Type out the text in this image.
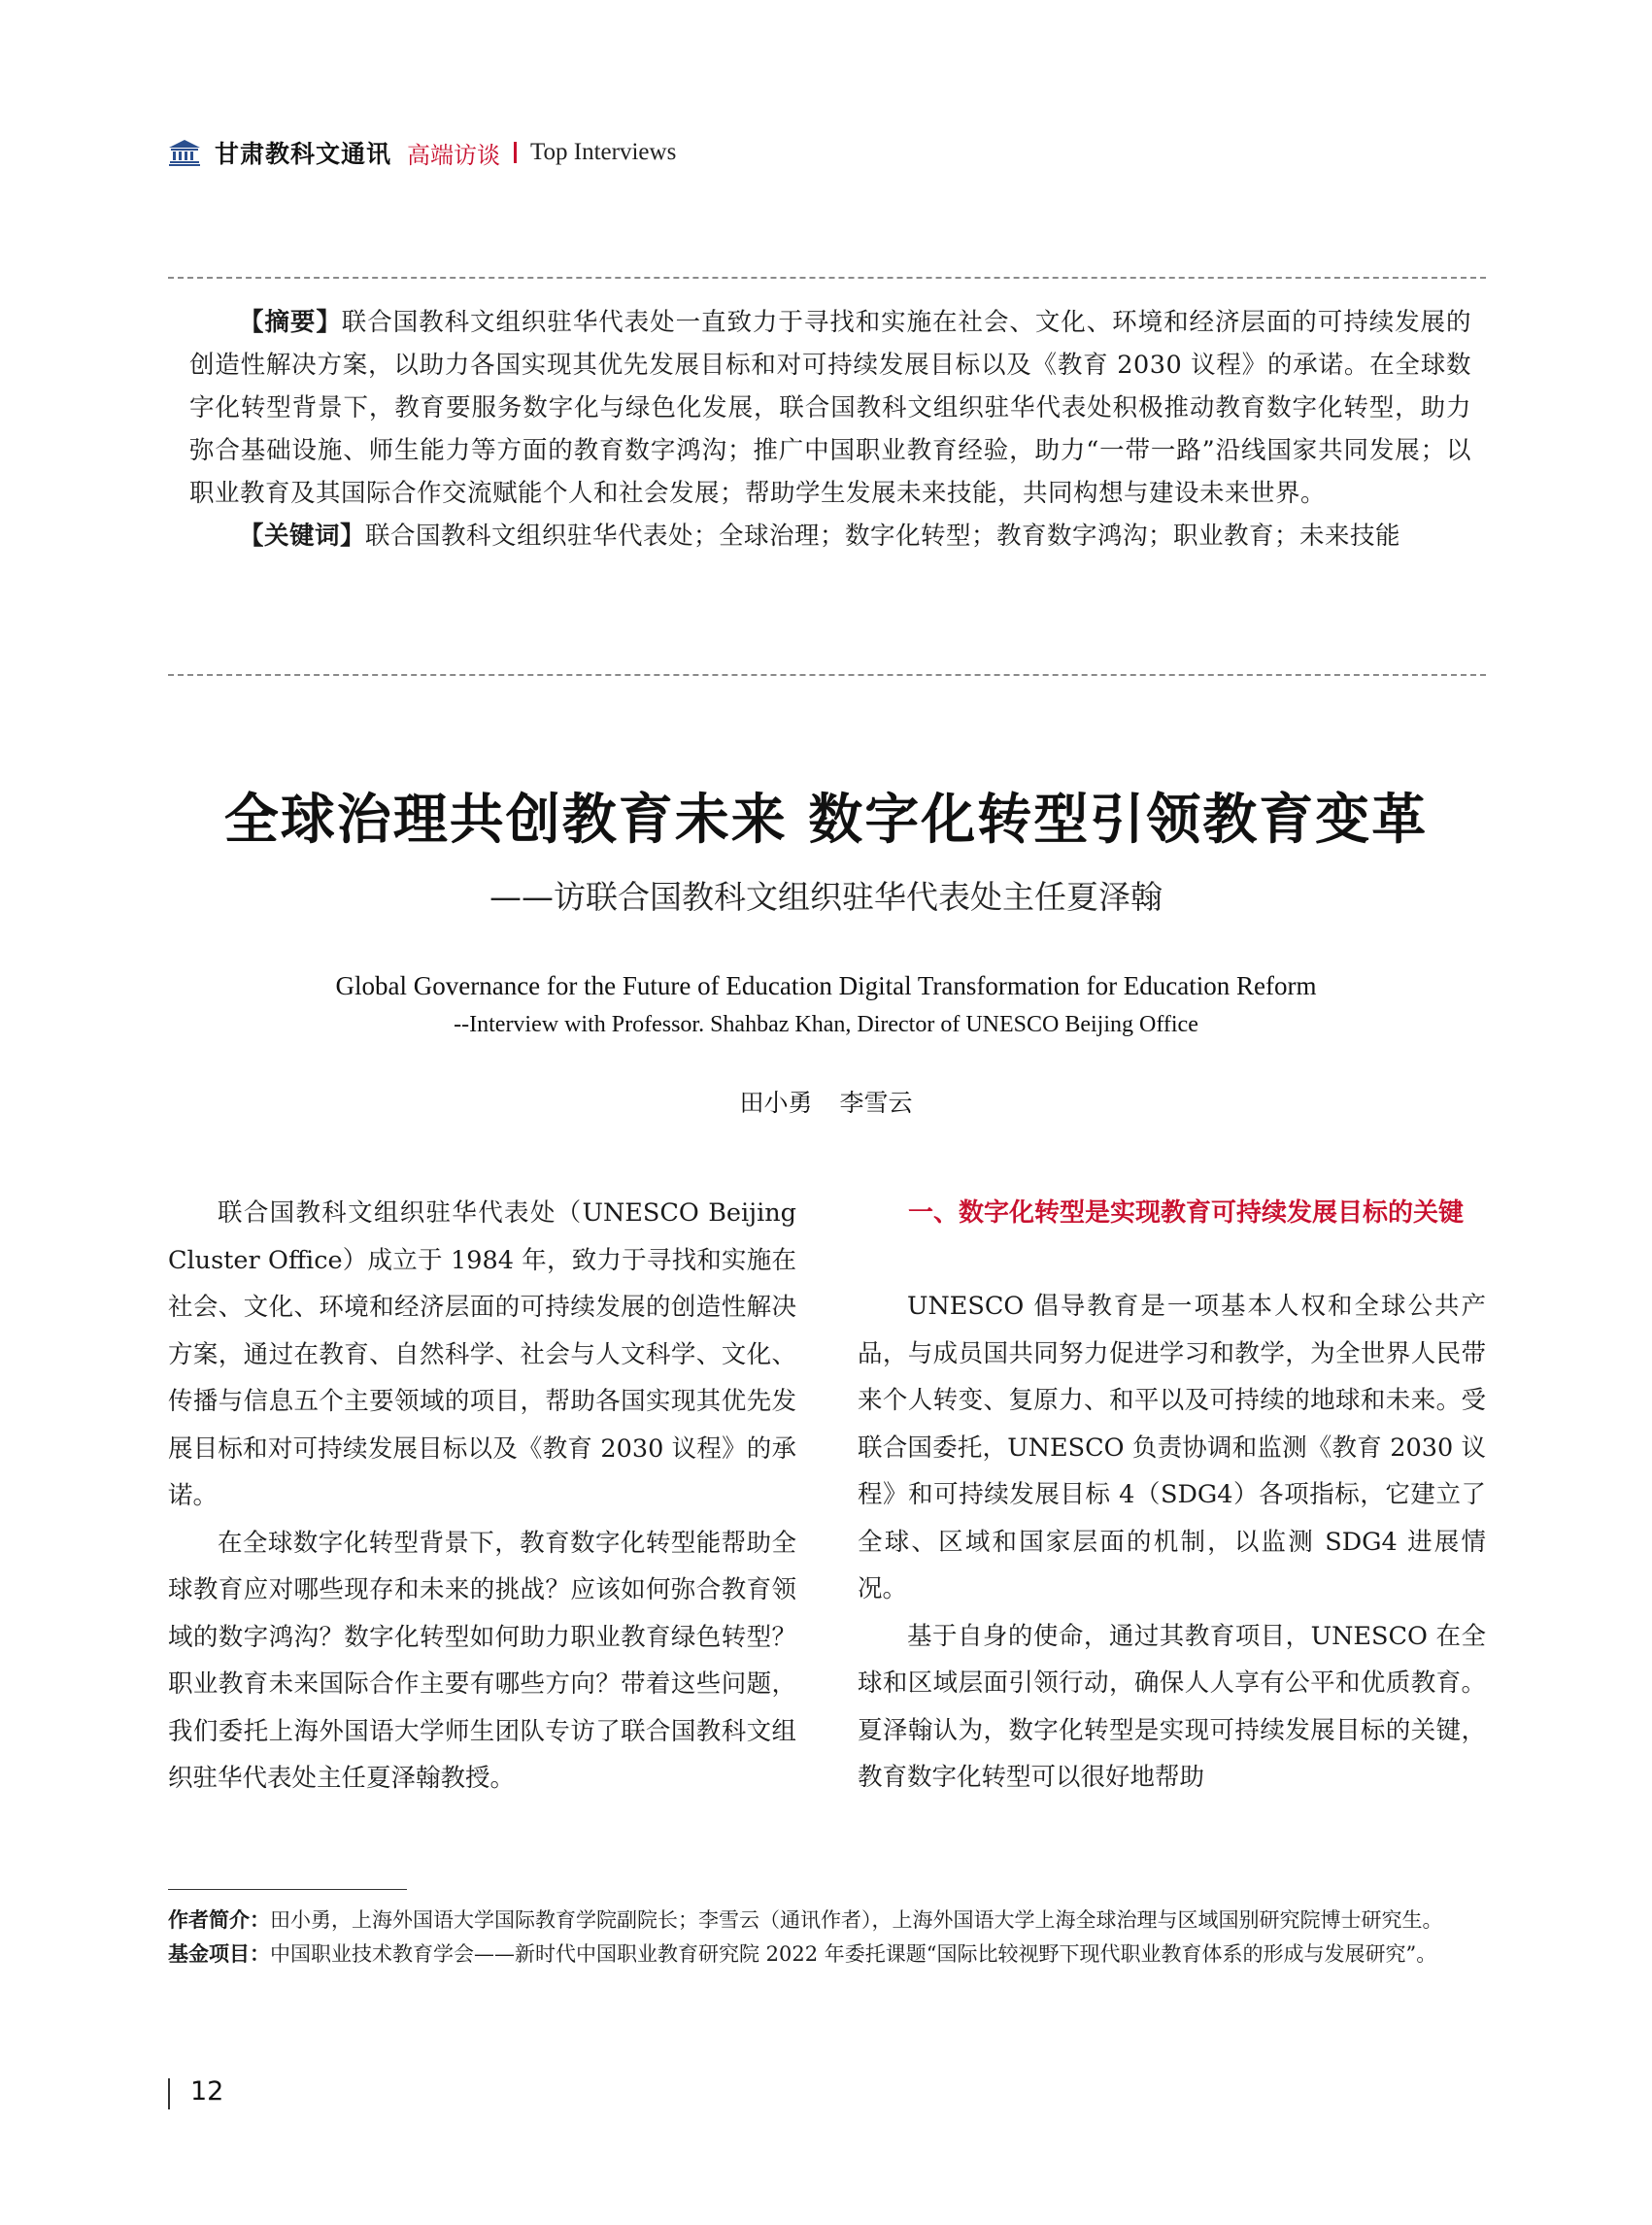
甘肃教科文通讯 高端访谈 Top Interviews

【摘要】联合国教科文组织驻华代表处一直致力于寻找和实施在社会、文化、环境和经济层面的可持续发展的创造性解决方案，以助力各国实现其优先发展目标和对可持续发展目标以及《教育 2030 议程》的承诺。在全球数字化转型背景下，教育要服务数字化与绿色化发展，联合国教科文组织驻华代表处积极推动教育数字化转型，助力弥合基础设施、师生能力等方面的教育数字鸿沟；推广中国职业教育经验，助力“一带一路”沿线国家共同发展；以职业教育及其国际合作交流赋能个人和社会发展；帮助学生发展未来技能，共同构想与建设未来世界。

【关键词】联合国教科文组织驻华代表处；全球治理；数字化转型；教育数字鸿沟；职业教育；未来技能

全球治理共创教育未来 数字化转型引领教育变革
——访联合国教科文组织驻华代表处主任夏泽翰
Global Governance for the Future of Education Digital Transformation for Education Reform
--Interview with Professor. Shahbaz Khan, Director of UNESCO Beijing Office
田小勇 李雪云

联合国教科文组织驻华代表处（UNESCO Beijing Cluster Office）成立于 1984 年，致力于寻找和实施在社会、文化、环境和经济层面的可持续发展的创造性解决方案，通过在教育、自然科学、社会与人文科学、文化、传播与信息五个主要领域的项目，帮助各国实现其优先发展目标和对可持续发展目标以及《教育 2030 议程》的承诺。

在全球数字化转型背景下，教育数字化转型能帮助全球教育应对哪些现存和未来的挑战？应该如何弥合教育领域的数字鸿沟？数字化转型如何助力职业教育绿色转型？职业教育未来国际合作主要有哪些方向？带着这些问题，我们委托上海外国语大学师生团队专访了联合国教科文组织驻华代表处主任夏泽翰教授。

一、数字化转型是实现教育可持续发展目标的关键

UNESCO 倡导教育是一项基本人权和全球公共产品，与成员国共同努力促进学习和教学，为全世界人民带来个人转变、复原力、和平以及可持续的地球和未来。受联合国委托，UNESCO 负责协调和监测《教育 2030 议程》和可持续发展目标 4（SDG4）各项指标，它建立了全球、区域和国家层面的机制，以监测 SDG4 进展情况。

基于自身的使命，通过其教育项目，UNESCO 在全球和区域层面引领行动，确保人人享有公平和优质教育。夏泽翰认为，数字化转型是实现可持续发展目标的关键，教育数字化转型可以很好地帮助

作者简介： 田小勇，上海外国语大学国际教育学院副院长；李雪云（通讯作者），上海外国语大学上海全球治理与区域国别研究院博士研究生。
基金项目： 中国职业技术教育学会——新时代中国职业教育研究院 2022 年委托课题“国际比较视野下现代职业教育体系的形成与发展研究”。
12
